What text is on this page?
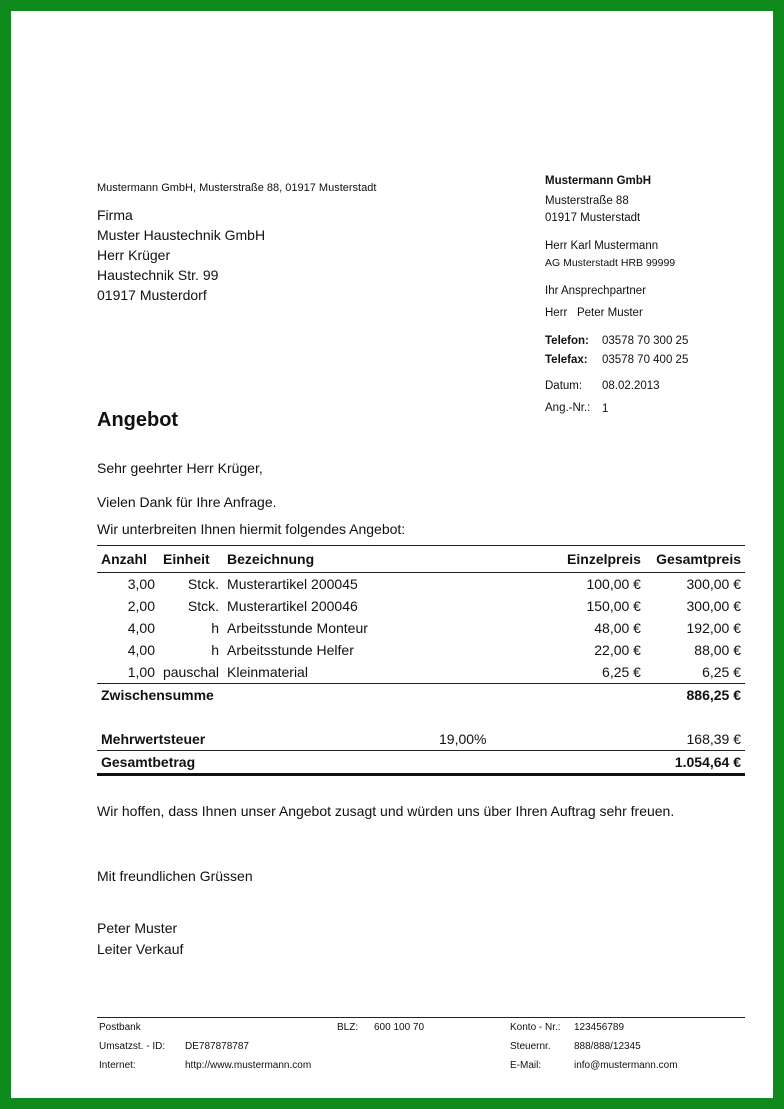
Mustermann GmbH, Musterstraße 88, 01917 Musterstadt
Firma
Muster Haustechnik GmbH
Herr Krüger
Haustechnik Str. 99
01917 Musterdorf
Mustermann GmbH
Musterstraße 88
01917 Musterstadt
Herr Karl Mustermann
AG Musterstadt HRB 99999
Ihr Ansprechpartner
Herr   Peter Muster
Telefon: 03578 70 300 25
Telefax: 03578 70 400 25
Datum: 08.02.2013
Ang.-Nr.: 1
Angebot
Sehr geehrter Herr Krüger,
Vielen Dank für Ihre Anfrage.
Wir unterbreiten Ihnen hiermit folgendes Angebot:
Anzahl	Einheit	Bezeichnung		Einzelpreis	Gesamtpreis
3,00	Stck.	Musterartikel 200045		100,00 €	300,00 €
2,00	Stck.	Musterartikel 200046		150,00 €	300,00 €
4,00	h	Arbeitsstunde Monteur		48,00 €	192,00 €
4,00	h	Arbeitsstunde Helfer		22,00 €	88,00 €
1,00	pauschal	Kleinmaterial		6,25 €	6,25 €
Zwischensumme					886,25 €

Mehrwertsteuer			19,00%		168,39 €
Gesamtbetrag					1.054,64 €
Wir hoffen, dass Ihnen unser Angebot zusagt und würden uns über Ihren Auftrag sehr freuen.
Mit freundlichen Grüssen
Peter Muster
Leiter Verkauf
Postbank	BLZ: 600 100 70	Konto - Nr.: 123456789
Umsatzst. - ID: DE787878787	Steuernr. 888/888/12345
Internet:	http://www.mustermann.com	E-Mail:	info@mustermann.com
